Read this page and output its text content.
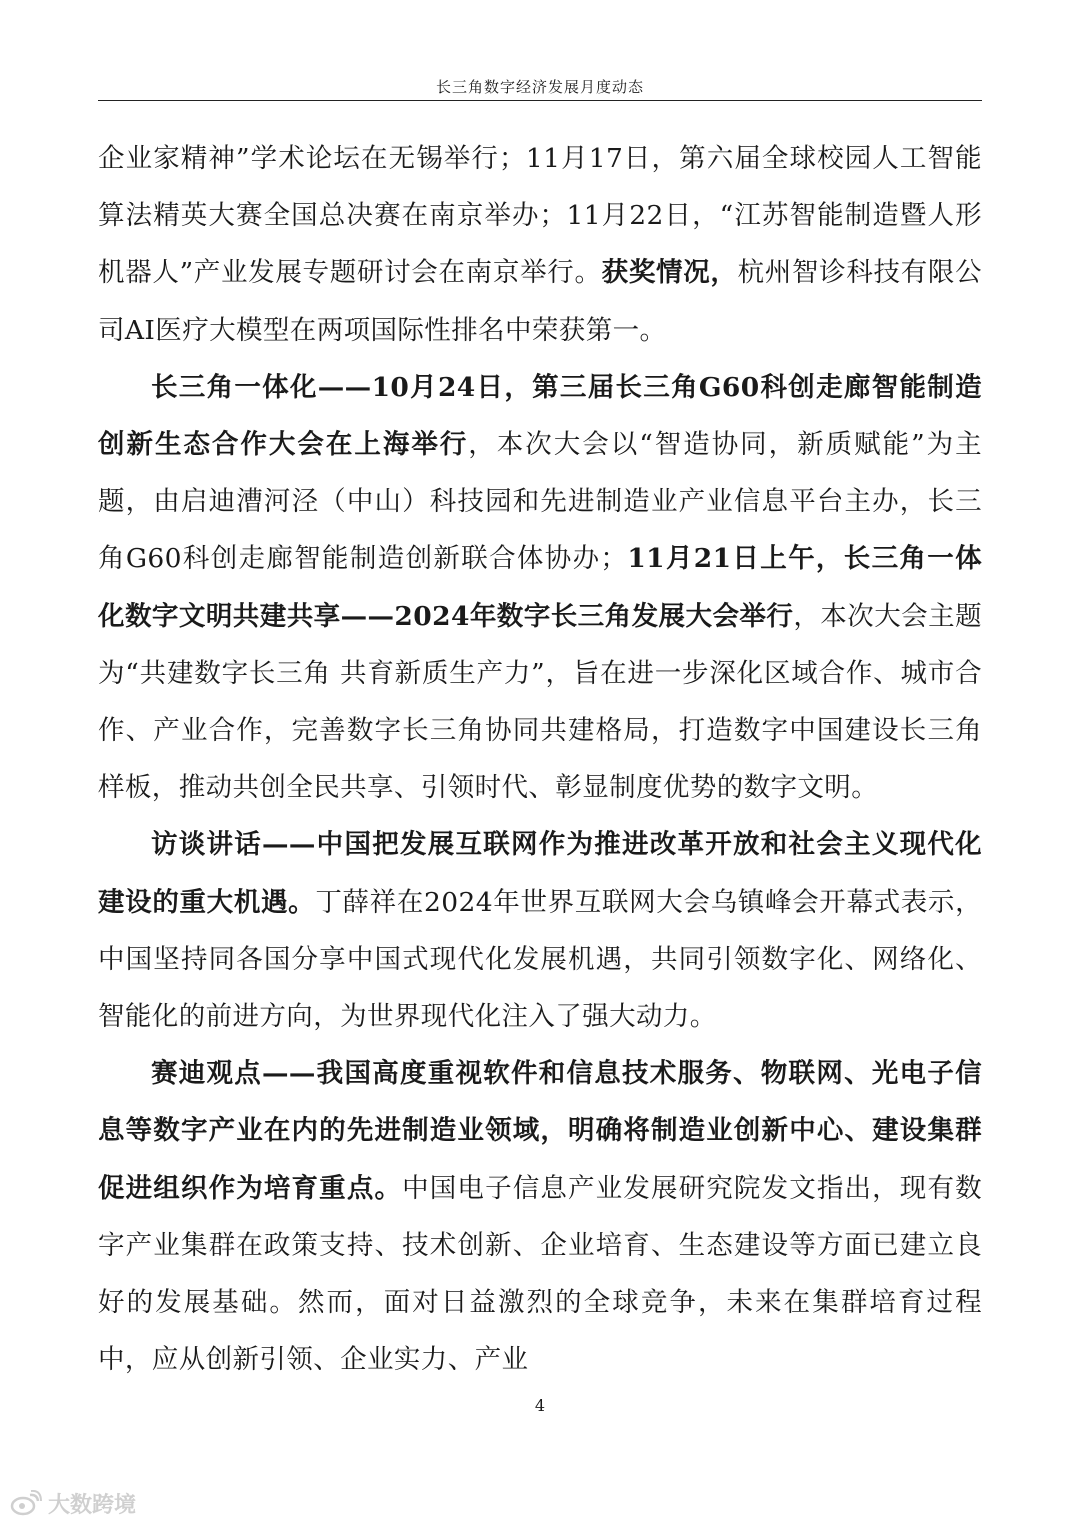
长三角数字经济发展月度动态

企业家精神”学术论坛在无锡举行；11月17日，第六届全球校园人工智能算法精英大赛全国总决赛在南京举办；11月22日，“江苏智能制造暨人形机器人”产业发展专题研讨会在南京举行。获奖情况，杭州智诊科技有限公司AI医疗大模型在两项国际性排名中荣获第一。

长三角一体化——10月24日，第三届长三角G60科创走廊智能制造创新生态合作大会在上海举行，本次大会以“智造协同，新质赋能”为主题，由启迪漕河泾（中山）科技园和先进制造业产业信息平台主办，长三角G60科创走廊智能制造创新联合体协办；11月21日上午，长三角一体化数字文明共建共享——2024年数字长三角发展大会举行，本次大会主题为“共建数字长三角 共育新质生产力”，旨在进一步深化区域合作、城市合作、产业合作，完善数字长三角协同共建格局，打造数字中国建设长三角样板，推动共创全民共享、引领时代、彰显制度优势的数字文明。

访谈讲话——中国把发展互联网作为推进改革开放和社会主义现代化建设的重大机遇。丁薛祥在2024年世界互联网大会乌镇峰会开幕式表示，中国坚持同各国分享中国式现代化发展机遇，共同引领数字化、网络化、智能化的前进方向，为世界现代化注入了强大动力。

赛迪观点——我国高度重视软件和信息技术服务、物联网、光电子信息等数字产业在内的先进制造业领域，明确将制造业创新中心、建设集群促进组织作为培育重点。中国电子信息产业发展研究院发文指出，现有数字产业集群在政策支持、技术创新、企业培育、生态建设等方面已建立良好的发展基础。然而，面对日益激烈的全球竞争，未来在集群培育过程中，应从创新引领、企业实力、产业

4
大数跨境
